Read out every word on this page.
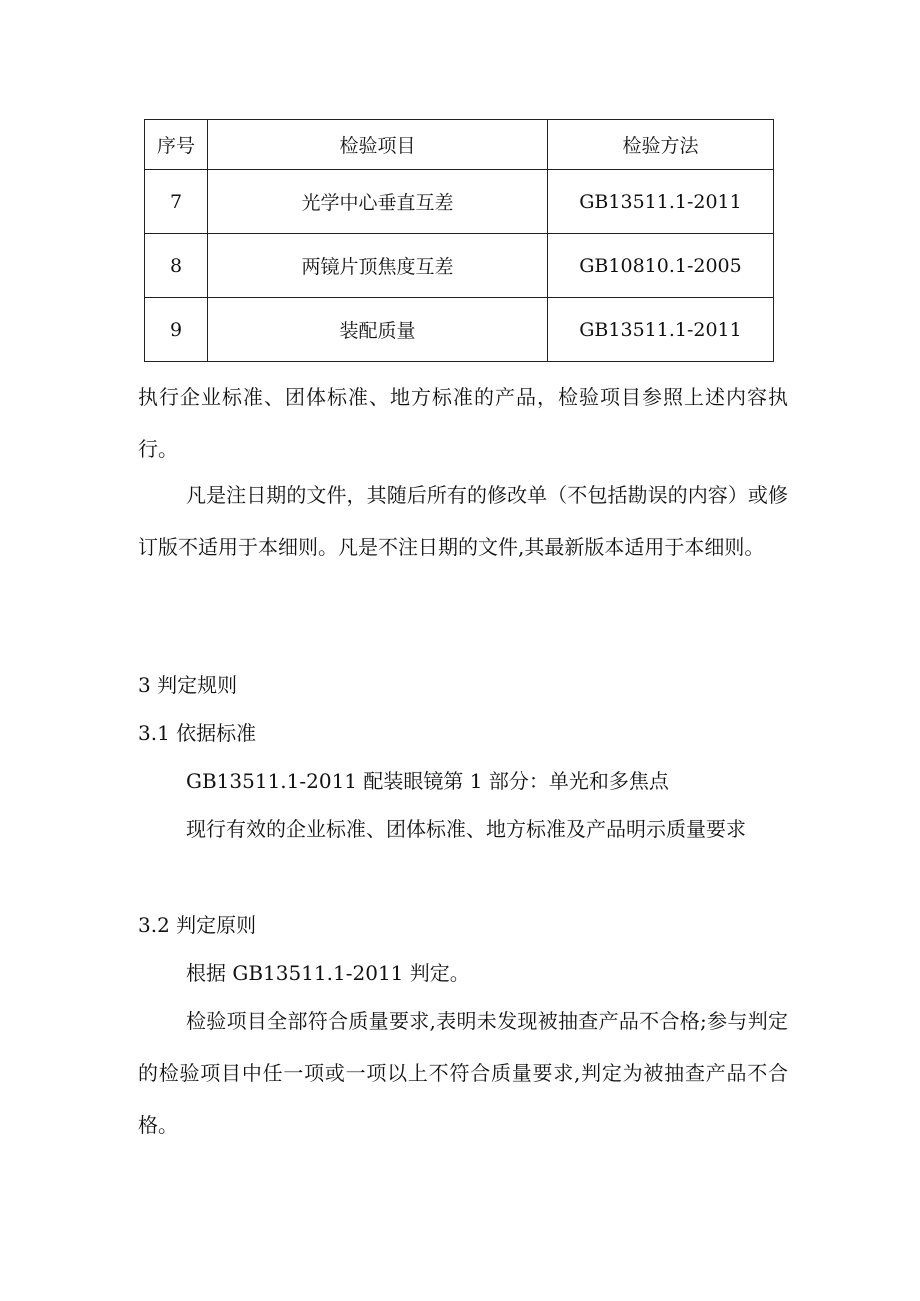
序号	检验项目	检验方法
7	光学中心垂直互差	GB13511.1-2011
8	两镜片顶焦度互差	GB10810.1-2005
9	装配质量	GB13511.1-2011

执行企业标准、团体标准、地方标准的产品，检验项目参照上述内容执行。

凡是注日期的文件，其随后所有的修改单（不包括勘误的内容）或修订版不适用于本细则。凡是不注日期的文件,其最新版本适用于本细则。

3 判定规则

3.1 依据标准

GB13511.1-2011 配装眼镜第 1 部分：单光和多焦点

现行有效的企业标准、团体标准、地方标准及产品明示质量要求

3.2 判定原则

根据 GB13511.1-2011 判定。

检验项目全部符合质量要求,表明未发现被抽查产品不合格;参与判定的检验项目中任一项或一项以上不符合质量要求,判定为被抽查产品不合格。
